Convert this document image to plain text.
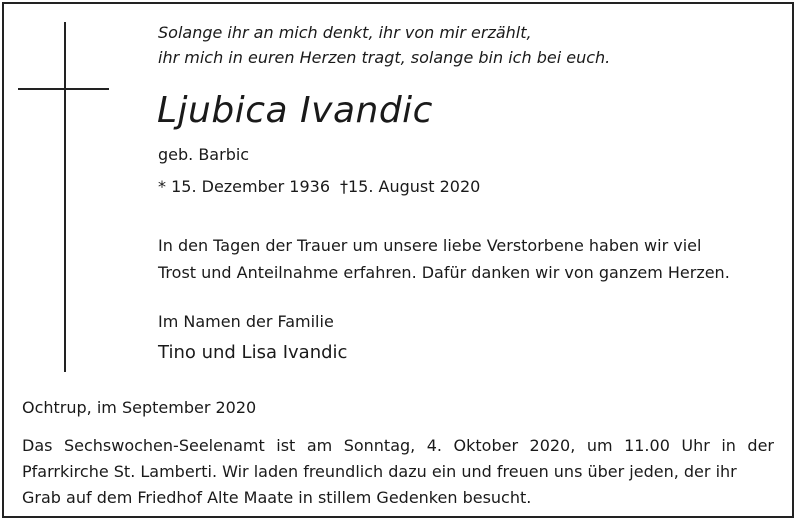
Solange ihr an mich denkt, ihr von mir erzählt,
ihr mich in euren Herzen tragt, solange bin ich bei euch.
Ljubica Ivandic
geb. Barbic
* 15. Dezember 1936 †15. August 2020
In den Tagen der Trauer um unsere liebe Verstorbene haben wir viel
Trost und Anteilnahme erfahren. Dafür danken wir von ganzem Herzen.
Im Namen der Familie
Tino und Lisa Ivandic
Ochtrup, im September 2020
Das Sechswochen-Seelenamt ist am Sonntag, 4. Oktober 2020, um 11.00 Uhr in der
Pfarrkirche St. Lamberti. Wir laden freundlich dazu ein und freuen uns über jeden, der ihr
Grab auf dem Friedhof Alte Maate in stillem Gedenken besucht.
